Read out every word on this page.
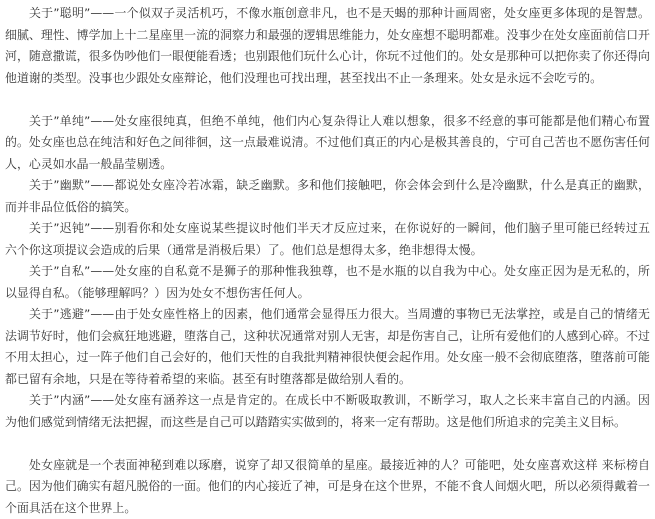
关于”聪明”——一个似双子灵活机巧，不像水瓶创意非凡，也不是天蝎的那种计画周密，处女座更多体现的是智慧。细腻、理性、博学加上十二星座里一流的洞察力和最强的逻辑思维能力，处女座想不聪明都难。没事少在处女座面前信口开河，随意撒谎，很多伪吵他们一眼便能看透；也别跟他们玩什么心计，你玩不过他们的。处女是那种可以把你卖了你还得向他道谢的类型。没事也少跟处女座辩论，他们没理也可找出理，甚至找出不止一条理来。处女是永远不会吃亏的。

关于”单纯”——处女座很纯真，但绝不单纯，他们内心复杂得让人难以想象，很多不经意的事可能都是他们精心布置的。处女座也总在纯洁和好色之间徘徊，这一点最难说清。不过他们真正的内心是极其善良的，宁可自己苦也不愿伤害任何人，心灵如水晶一般晶莹剔透。

关于”幽默”——都说处女座冷若冰霜，缺乏幽默。多和他们接触吧，你会体会到什么是冷幽默，什么是真正的幽默，而并非品位低俗的搞笑。

关于”迟钝”——别看你和处女座说某些提议时他们半天才反应过来，在你说好的一瞬间，他们脑子里可能已经转过五六个你这项提议会造成的后果（通常是消极后果）了。他们总是想得太多，绝非想得太慢。

关于”自私”——处女座的自私竟不是狮子的那种惟我独尊，也不是水瓶的以自我为中心。处女座正因为是无私的，所以显得自私。（能够理解吗？）因为处女不想伤害任何人。

关于”逃避”——由于处女座性格上的因素，他们通常会显得压力很大。当周遭的事物已无法掌控，或是自己的情绪无法调节好时，他们会疯狂地逃避，堕落自己，这种状况通常对别人无害，却是伤害自己，让所有爱他们的人感到心碎。不过不用太担心，过一阵子他们自己会好的，他们天性的自我批判精神很快便会起作用。处女座一般不会彻底堕落，堕落前可能都已留有余地，只是在等待着希望的来临。甚至有时堕落都是做给别人看的。

关于”内涵”——处女座有涵养这一点是肯定的。在成长中不断吸取教训，不断学习，取人之长来丰富自己的内涵。因为他们感觉到情绪无法把握，而这些是自己可以踏踏实实做到的，将来一定有帮助。这是他们所追求的完美主义目标。

处女座就是一个表面神秘到难以琢磨，说穿了却又很简单的星座。最接近神的人？可能吧，处女座喜欢这样 来标榜自己。因为他们确实有超凡脱俗的一面。他们的内心接近了神，可是身在这个世界，不能不食人间烟火吧，所以必须得戴着一个面具活在这个世界上。
